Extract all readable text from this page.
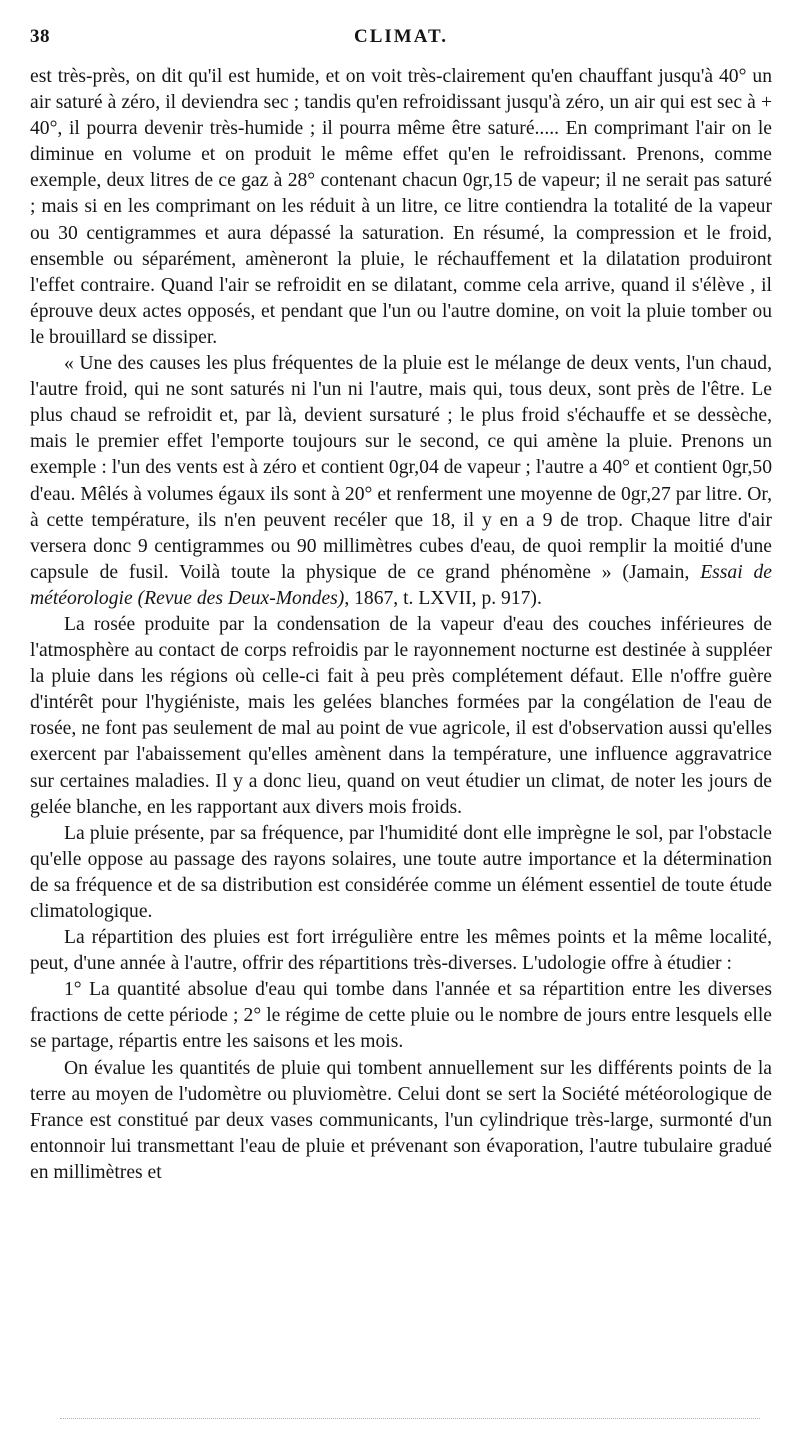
38	CLIMAT.

est très-près, on dit qu'il est humide, et on voit très-clairement qu'en chauffant jusqu'à 40° un air saturé à zéro, il deviendra sec ; tandis qu'en refroidissant jusqu'à zéro, un air qui est sec à + 40°, il pourra devenir très-humide ; il pourra même être saturé..... En comprimant l'air on le diminue en volume et on produit le même effet qu'en le refroidissant. Prenons, comme exemple, deux litres de ce gaz à 28° contenant chacun 0gr,15 de vapeur; il ne serait pas saturé ; mais si en les comprimant on les réduit à un litre, ce litre contiendra la totalité de la vapeur ou 30 centigrammes et aura dépassé la saturation. En résumé, la compression et le froid, ensemble ou séparément, amèneront la pluie, le réchauffement et la dilatation produiront l'effet contraire. Quand l'air se refroidit en se dilatant, comme cela arrive, quand il s'élève , il éprouve deux actes opposés, et pendant que l'un ou l'autre domine, on voit la pluie tomber ou le brouillard se dissiper.

« Une des causes les plus fréquentes de la pluie est le mélange de deux vents, l'un chaud, l'autre froid, qui ne sont saturés ni l'un ni l'autre, mais qui, tous deux, sont près de l'être. Le plus chaud se refroidit et, par là, devient sursaturé ; le plus froid s'échauffe et se dessèche, mais le premier effet l'emporte toujours sur le second, ce qui amène la pluie. Prenons un exemple : l'un des vents est à zéro et contient 0gr,04 de vapeur ; l'autre a 40° et contient 0gr,50 d'eau. Mêlés à volumes égaux ils sont à 20° et renferment une moyenne de 0gr,27 par litre. Or, à cette température, ils n'en peuvent recéler que 18, il y en a 9 de trop. Chaque litre d'air versera donc 9 centigrammes ou 90 millimètres cubes d'eau, de quoi remplir la moitié d'une capsule de fusil. Voilà toute la physique de ce grand phénomène » (Jamain, Essai de météorologie (Revue des Deux-Mondes), 1867, t. LXVII, p. 917).

La rosée produite par la condensation de la vapeur d'eau des couches inférieures de l'atmosphère au contact de corps refroidis par le rayonnement nocturne est destinée à suppléer la pluie dans les régions où celle-ci fait à peu près complétement défaut. Elle n'offre guère d'intérêt pour l'hygiéniste, mais les gelées blanches formées par la congélation de l'eau de rosée, ne font pas seulement de mal au point de vue agricole, il est d'observation aussi qu'elles exercent par l'abaissement qu'elles amènent dans la température, une influence aggravatrice sur certaines maladies. Il y a donc lieu, quand on veut étudier un climat, de noter les jours de gelée blanche, en les rapportant aux divers mois froids.

La pluie présente, par sa fréquence, par l'humidité dont elle imprègne le sol, par l'obstacle qu'elle oppose au passage des rayons solaires, une toute autre importance et la détermination de sa fréquence et de sa distribution est considérée comme un élément essentiel de toute étude climatologique.

La répartition des pluies est fort irrégulière entre les mêmes points et la même localité, peut, d'une année à l'autre, offrir des répartitions très-diverses. L'udologie offre à étudier :

1° La quantité absolue d'eau qui tombe dans l'année et sa répartition entre les diverses fractions de cette période ; 2° le régime de cette pluie ou le nombre de jours entre lesquels elle se partage, répartis entre les saisons et les mois.

On évalue les quantités de pluie qui tombent annuellement sur les différents points de la terre au moyen de l'udomètre ou pluviomètre. Celui dont se sert la Société météorologique de France est constitué par deux vases communicants, l'un cylindrique très-large, surmonté d'un entonnoir lui transmettant l'eau de pluie et prévenant son évaporation, l'autre tubulaire gradué en millimètres et
